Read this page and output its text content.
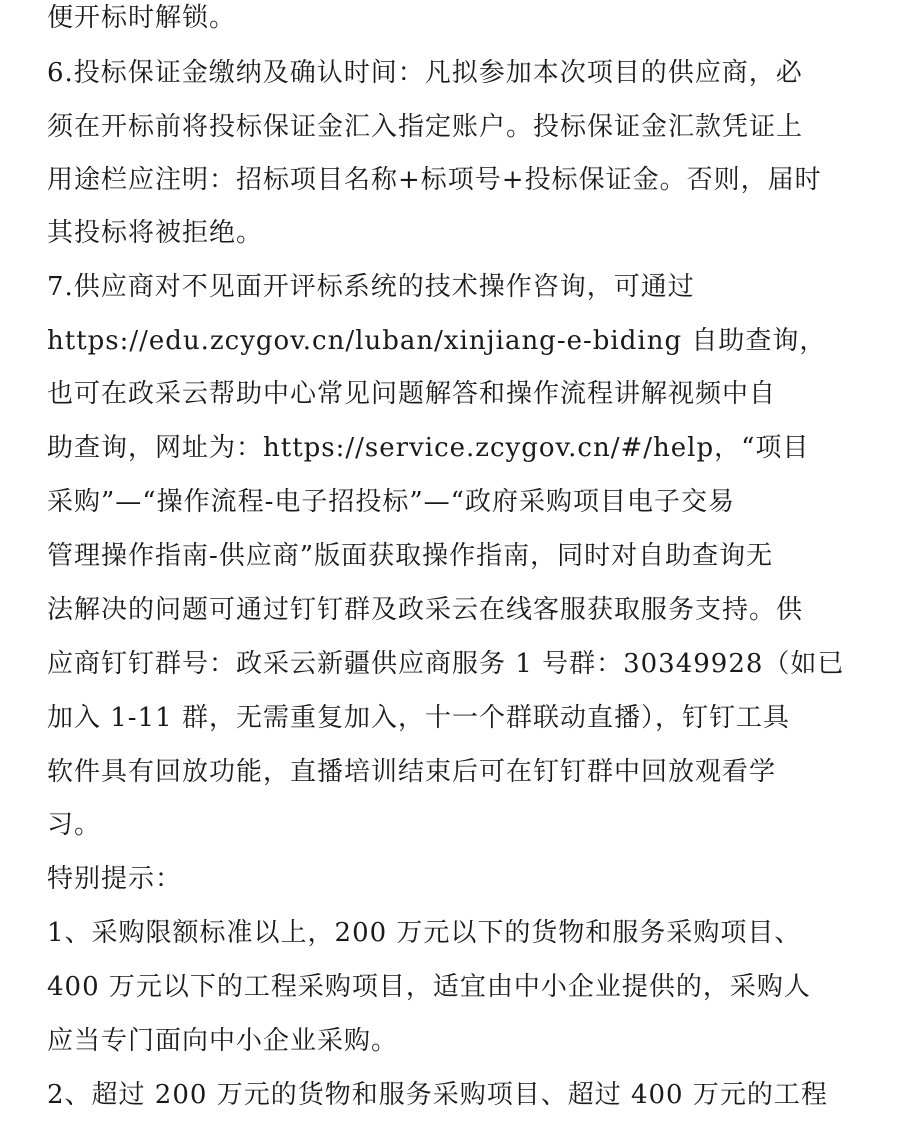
便开标时解锁。
6.投标保证金缴纳及确认时间：凡拟参加本次项目的供应商，必
须在开标前将投标保证金汇入指定账户。投标保证金汇款凭证上
用途栏应注明：招标项目名称+标项号+投标保证金。否则，届时
其投标将被拒绝。
7.供应商对不见面开评标系统的技术操作咨询，可通过
https://edu.zcygov.cn/luban/xinjiang-e-biding 自助查询，
也可在政采云帮助中心常见问题解答和操作流程讲解视频中自
助查询，网址为：https://service.zcygov.cn/#/help，“项目
采购”—“操作流程-电子招投标”—“政府采购项目电子交易
管理操作指南-供应商”版面获取操作指南，同时对自助查询无
法解决的问题可通过钉钉群及政采云在线客服获取服务支持。供
应商钉钉群号：政采云新疆供应商服务 1 号群：30349928（如已
加入 1-11 群，无需重复加入，十一个群联动直播），钉钉工具
软件具有回放功能，直播培训结束后可在钉钉群中回放观看学
习。
特别提示：
1、采购限额标准以上，200 万元以下的货物和服务采购项目、
400 万元以下的工程采购项目，适宜由中小企业提供的，采购人
应当专门面向中小企业采购。
2、超过 200 万元的货物和服务采购项目、超过 400 万元的工程
